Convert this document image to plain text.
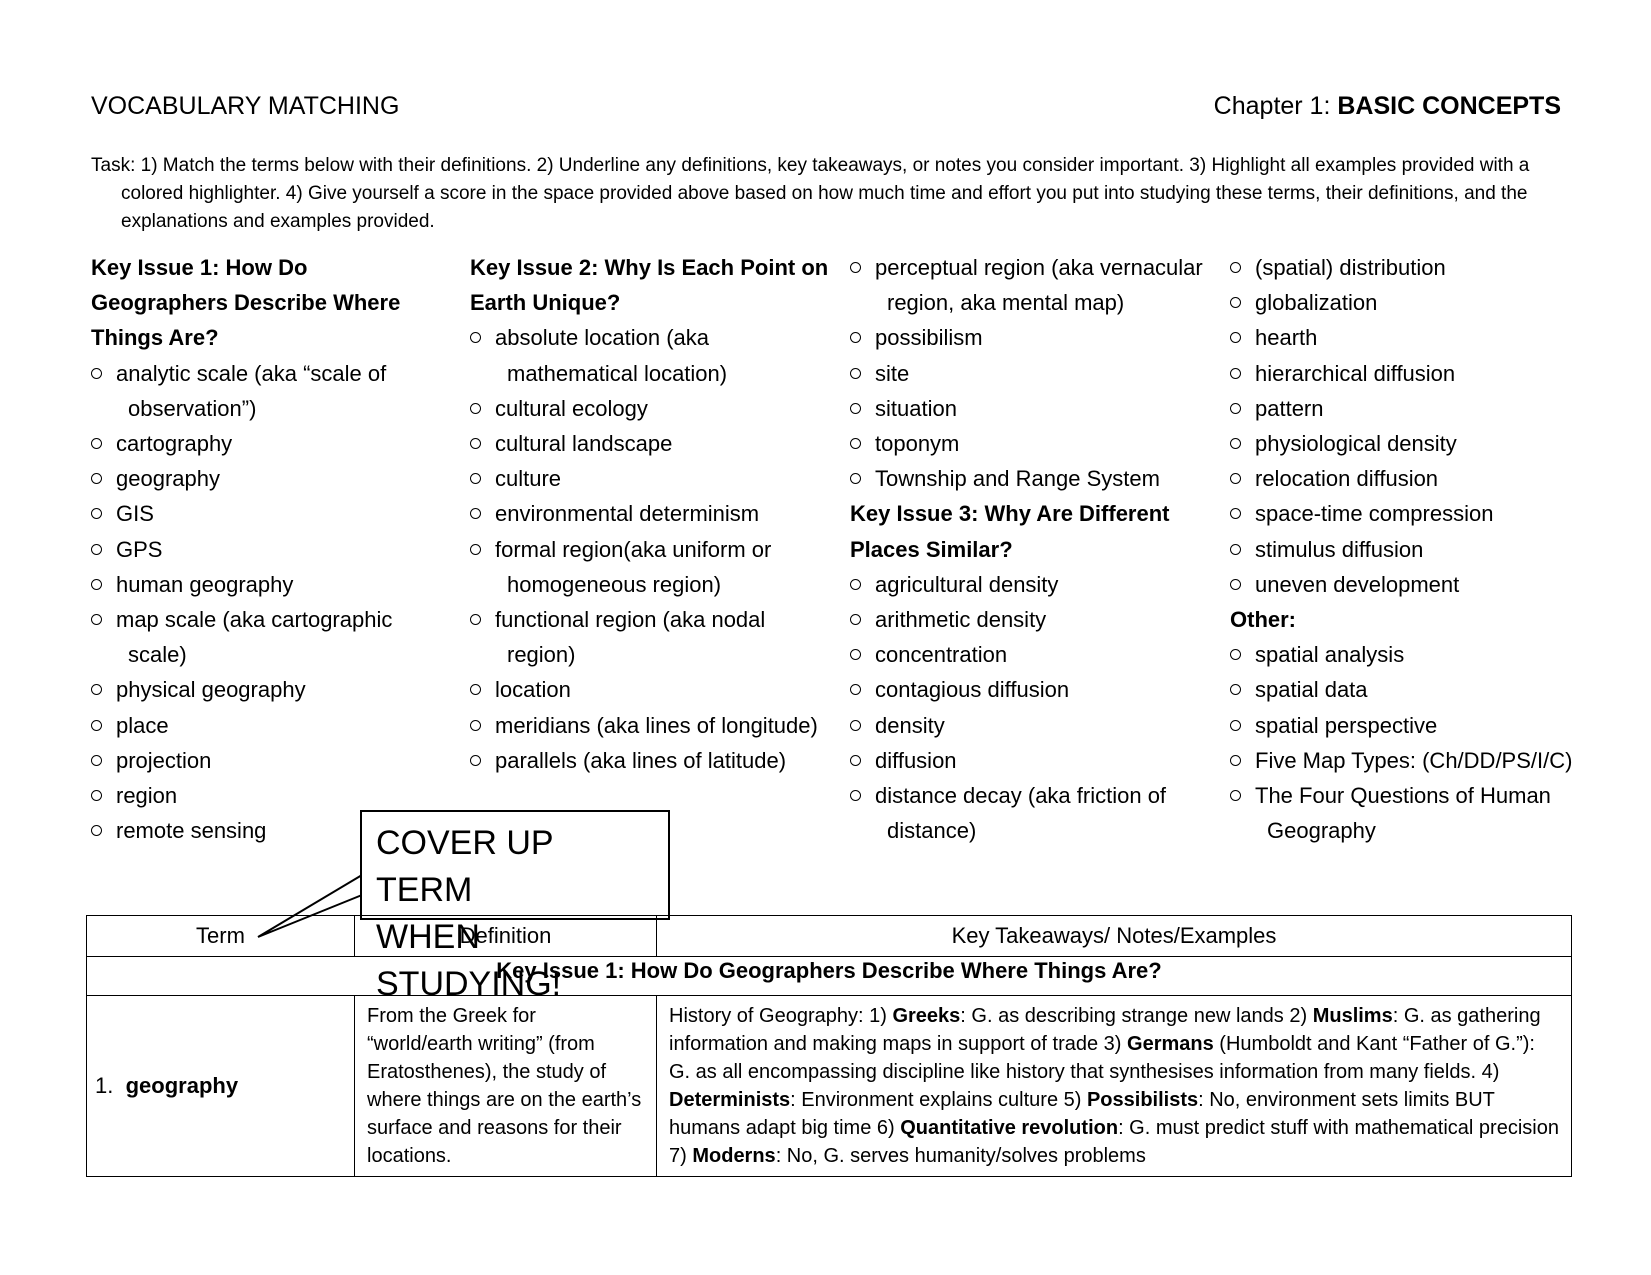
VOCABULARY MATCHING	Chapter 1: BASIC CONCEPTS
Task: 1) Match the terms below with their definitions. 2) Underline any definitions, key takeaways, or notes you consider important. 3) Highlight all examples provided with a colored highlighter. 4) Give yourself a score in the space provided above based on how much time and effort you put into studying these terms, their definitions, and the explanations and examples provided.
Key Issue 1: How Do Geographers Describe Where Things Are?
analytic scale (aka “scale of observation”)
cartography
geography
GIS
GPS
human geography
map scale (aka cartographic scale)
physical geography
place
projection
region
remote sensing
Key Issue 2: Why Is Each Point on Earth Unique?
absolute location (aka mathematical location)
cultural ecology
cultural landscape
culture
environmental determinism
formal region(aka uniform or homogeneous region)
functional region (aka nodal region)
location
meridians (aka lines of longitude)
parallels (aka lines of latitude)
perceptual region (aka vernacular region, aka mental map)
possibilism
site
situation
toponym
Township and Range System
Key Issue 3: Why Are Different Places Similar?
agricultural density
arithmetic density
concentration
contagious diffusion
density
diffusion
distance decay (aka friction of distance)
(spatial) distribution
globalization
hearth
hierarchical diffusion
pattern
physiological density
relocation diffusion
space-time compression
stimulus diffusion
uneven development
Other:
spatial analysis
spatial data
spatial perspective
Five Map Types: (Ch/DD/PS/I/C)
The Four Questions of Human Geography
COVER UP TERM
WHEN STUDYING!
Term	Definition	Key Takeaways/ Notes/Examples
Key Issue 1: How Do Geographers Describe Where Things Are?		
1. geography	From the Greek for “world/earth writing” (from Eratosthenes), the study of where things are on the earth’s surface and reasons for their locations.	History of Geography: 1) Greeks: G. as describing strange new lands 2) Muslims: G. as gathering information and making maps in support of trade 3) Germans (Humboldt and Kant “Father of G.”): G. as all encompassing discipline like history that synthesises information from many fields. 4) Determinists: Environment explains culture 5) Possibilists: No, environment sets limits BUT humans adapt big time 6) Quantitative revolution: G. must predict stuff with mathematical precision 7) Moderns: No, G. serves humanity/solves problems
